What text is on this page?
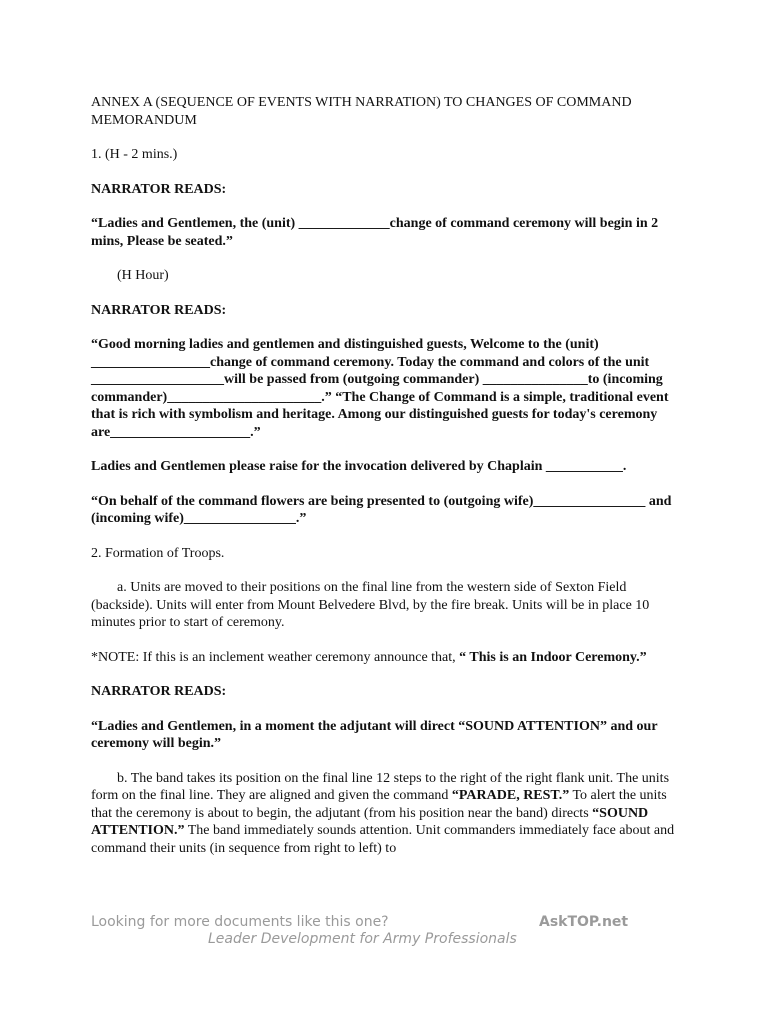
ANNEX A (SEQUENCE OF EVENTS WITH NARRATION) TO CHANGES OF COMMAND MEMORANDUM

1. (H - 2 mins.)

NARRATOR READS:

“Ladies and Gentlemen, the (unit) _____________change of command ceremony will begin in 2 mins, Please be seated.”

(H Hour)

NARRATOR READS:

“Good morning ladies and gentlemen and distinguished guests, Welcome to the (unit) _________________change of command ceremony. Today the command and colors of the unit ___________________will be passed from (outgoing commander) _______________to (incoming commander)______________________.” “The Change of Command is a simple, traditional event that is rich with symbolism and heritage. Among our distinguished guests for today's ceremony are____________________.”

Ladies and Gentlemen please raise for the invocation delivered by Chaplain ___________.

“On behalf of the command flowers are being presented to (outgoing wife)________________ and (incoming wife)________________.”

2. Formation of Troops.

a. Units are moved to their positions on the final line from the western side of Sexton Field (backside). Units will enter from Mount Belvedere Blvd, by the fire break. Units will be in place 10 minutes prior to start of ceremony.

*NOTE: If this is an inclement weather ceremony announce that, “ This is an Indoor Ceremony.”

NARRATOR READS:

“Ladies and Gentlemen, in a moment the adjutant will direct “SOUND ATTENTION” and our ceremony will begin.”

b. The band takes its position on the final line 12 steps to the right of the right flank unit. The units form on the final line. They are aligned and given the command “PARADE, REST.” To alert the units that the ceremony is about to begin, the adjutant (from his position near the band) directs “SOUND ATTENTION.” The band immediately sounds attention. Unit commanders immediately face about and command their units (in sequence from right to left) to

Looking for more documents like this one?	AskTOP.net
Leader Development for Army Professionals
